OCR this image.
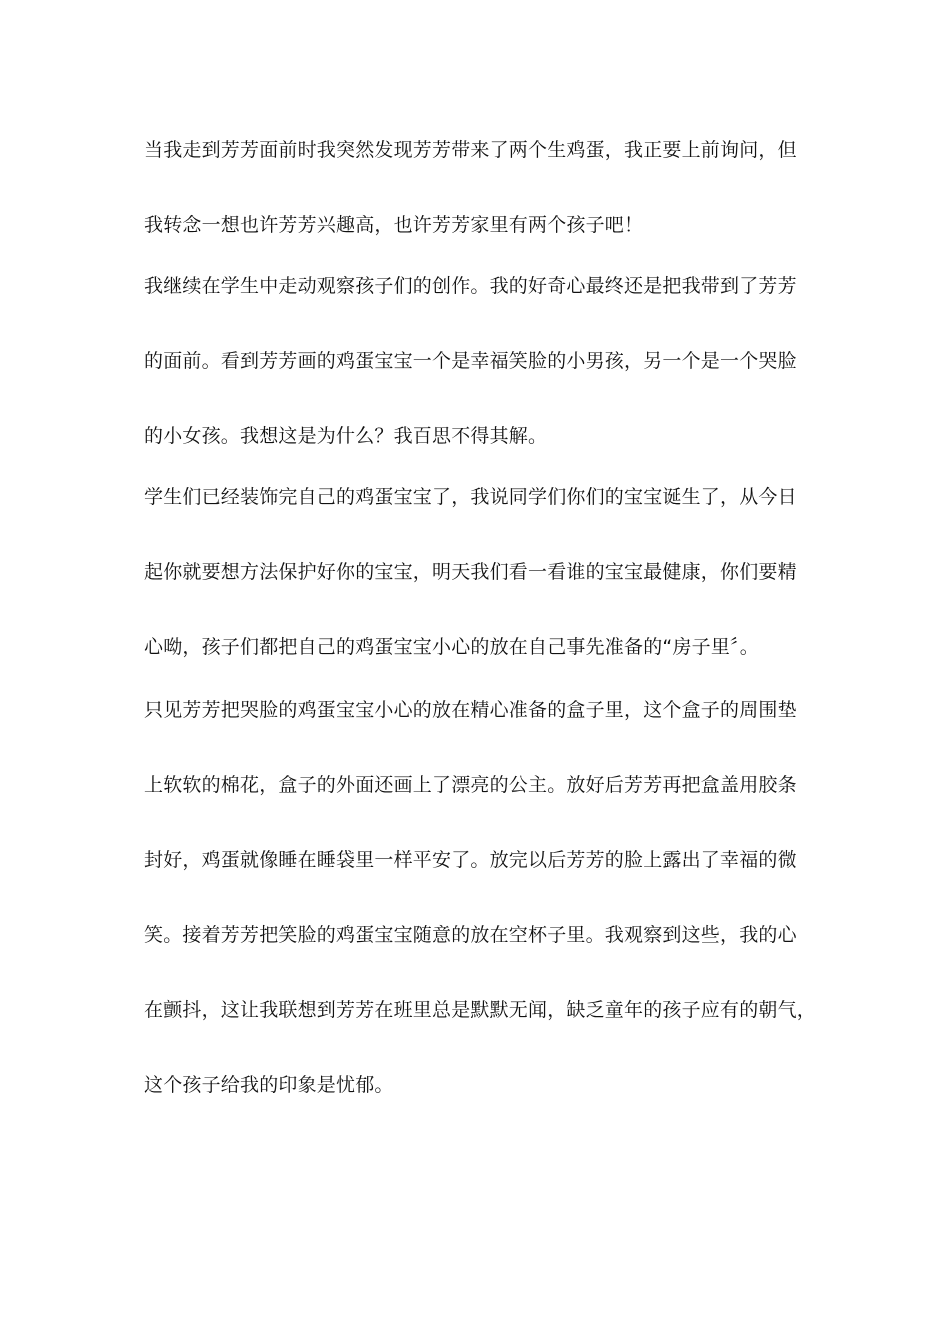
当我走到芳芳面前时我突然发现芳芳带来了两个生鸡蛋，我正要上前询问，但
我转念一想也许芳芳兴趣高，也许芳芳家里有两个孩子吧！
我继续在学生中走动观察孩子们的创作。我的好奇心最终还是把我带到了芳芳
的面前。看到芳芳画的鸡蛋宝宝一个是幸福笑脸的小男孩，另一个是一个哭脸
的小女孩。我想这是为什么？我百思不得其解。
学生们已经装饰完自己的鸡蛋宝宝了，我说同学们你们的宝宝诞生了，从今日
起你就要想方法保护好你的宝宝，明天我们看一看谁的宝宝最健康，你们要精
心呦，孩子们都把自己的鸡蛋宝宝小心的放在自己事先准备的“房子里〞。
只见芳芳把哭脸的鸡蛋宝宝小心的放在精心准备的盒子里，这个盒子的周围垫
上软软的棉花，盒子的外面还画上了漂亮的公主。放好后芳芳再把盒盖用胶条
封好，鸡蛋就像睡在睡袋里一样平安了。放完以后芳芳的脸上露出了幸福的微
笑。接着芳芳把笑脸的鸡蛋宝宝随意的放在空杯子里。我观察到这些，我的心
在颤抖，这让我联想到芳芳在班里总是默默无闻，缺乏童年的孩子应有的朝气，
这个孩子给我的印象是忧郁。
